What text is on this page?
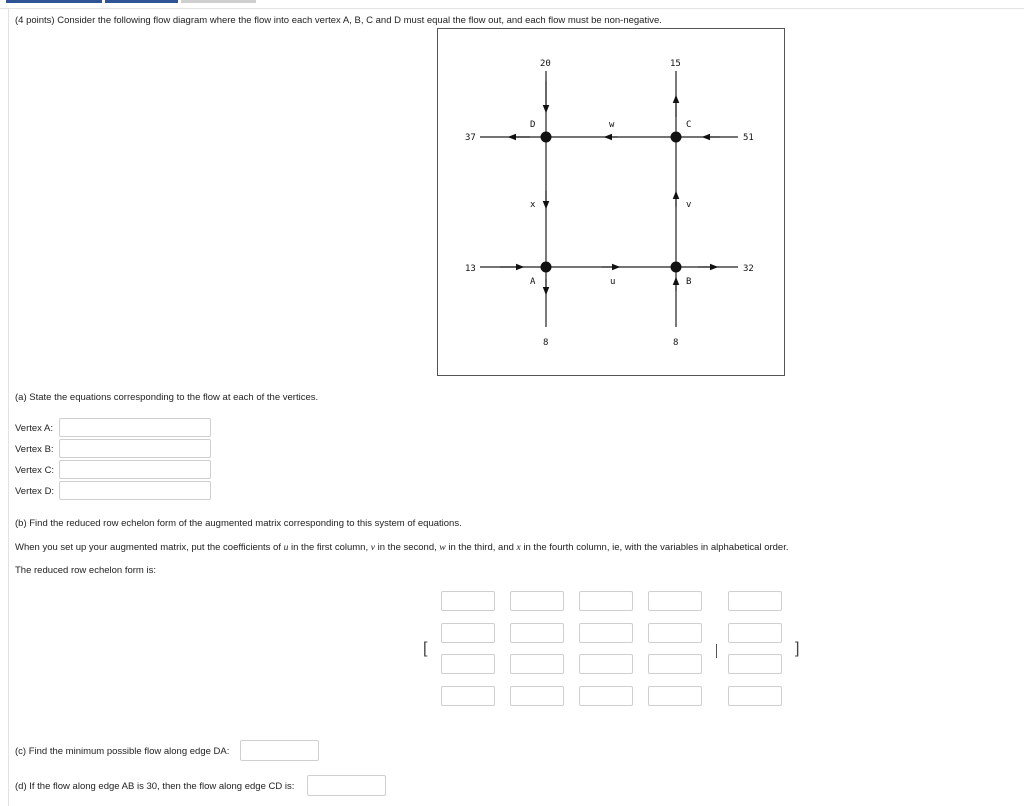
(4 points) Consider the following flow diagram where the flow into each vertex A, B, C and D must equal the flow out, and each flow must be non-negative.
20	15
37	51
13	32
8	8
w
x	v
u
D	C
A	B
(a) State the equations corresponding to the flow at each of the vertices.
Vertex A:
Vertex B:
Vertex C:
Vertex D:
(b) Find the reduced row echelon form of the augmented matrix corresponding to this system of equations.
When you set up your augmented matrix, put the coefficients of u in the first column, v in the second, w in the third, and x in the fourth column, ie, with the variables in alphabetical order.
The reduced row echelon form is:
[	]
(c) Find the minimum possible flow along edge DA:
(d) If the flow along edge AB is 30, then the flow along edge CD is:
